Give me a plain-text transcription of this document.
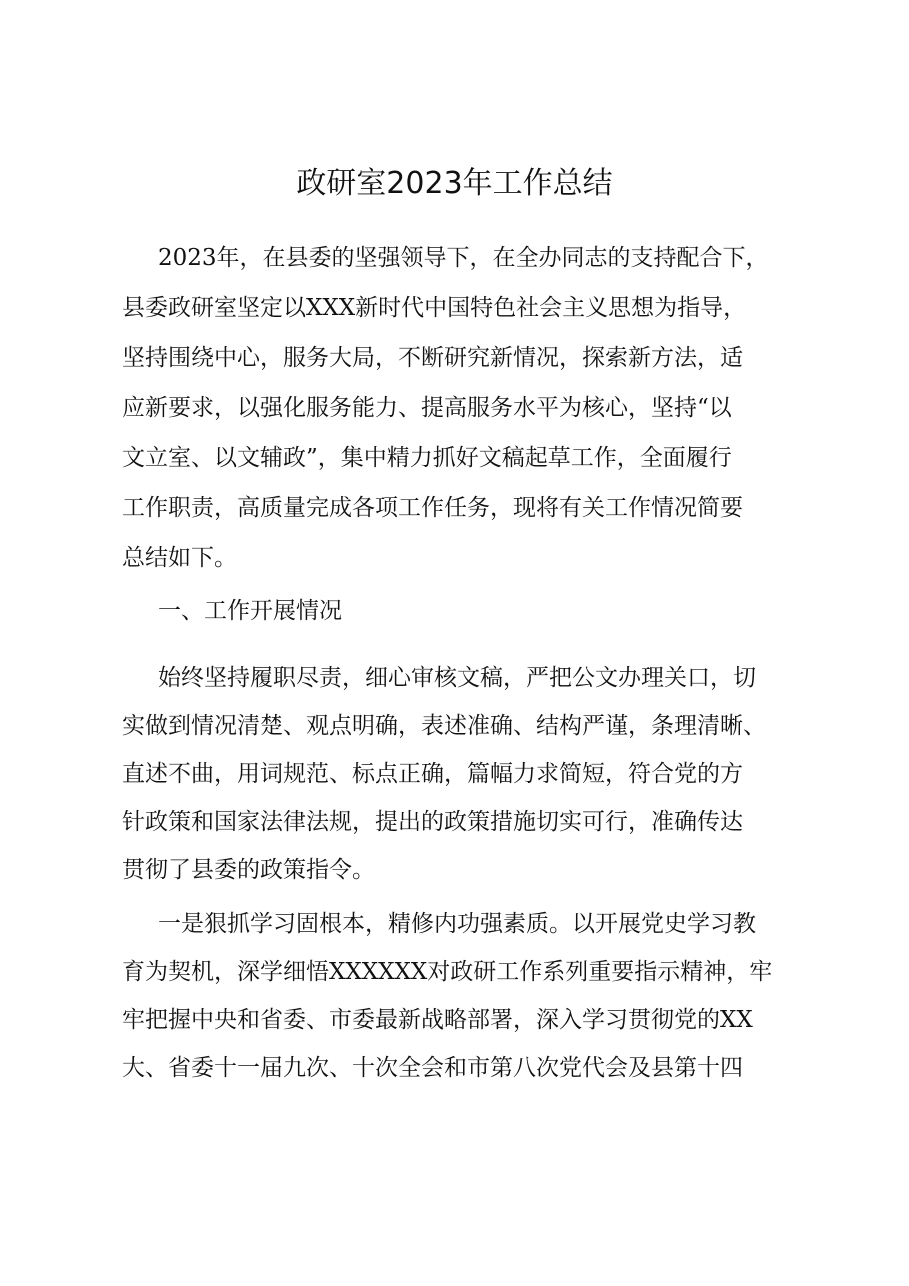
政研室2023年工作总结

2023年，在县委的坚强领导下，在全办同志的支持配合下，

县委政研室坚定以XXX新时代中国特色社会主义思想为指导，

坚持围绕中心，服务大局，不断研究新情况，探索新方法，适

应新要求，以强化服务能力、提高服务水平为核心，坚持“以

文立室、以文辅政”，集中精力抓好文稿起草工作，全面履行

工作职责，高质量完成各项工作任务，现将有关工作情况简要

总结如下。

一、工作开展情况

始终坚持履职尽责，细心审核文稿，严把公文办理关口，切

实做到情况清楚、观点明确，表述准确、结构严谨，条理清晰、

直述不曲，用词规范、标点正确，篇幅力求简短，符合党的方

针政策和国家法律法规，提出的政策措施切实可行，准确传达

贯彻了县委的政策指令。

一是狠抓学习固根本，精修内功强素质。以开展党史学习教

育为契机，深学细悟XXXXXX对政研工作系列重要指示精神，牢

牢把握中央和省委、市委最新战略部署，深入学习贯彻党的XX

大、省委十一届九次、十次全会和市第八次党代会及县第十四
